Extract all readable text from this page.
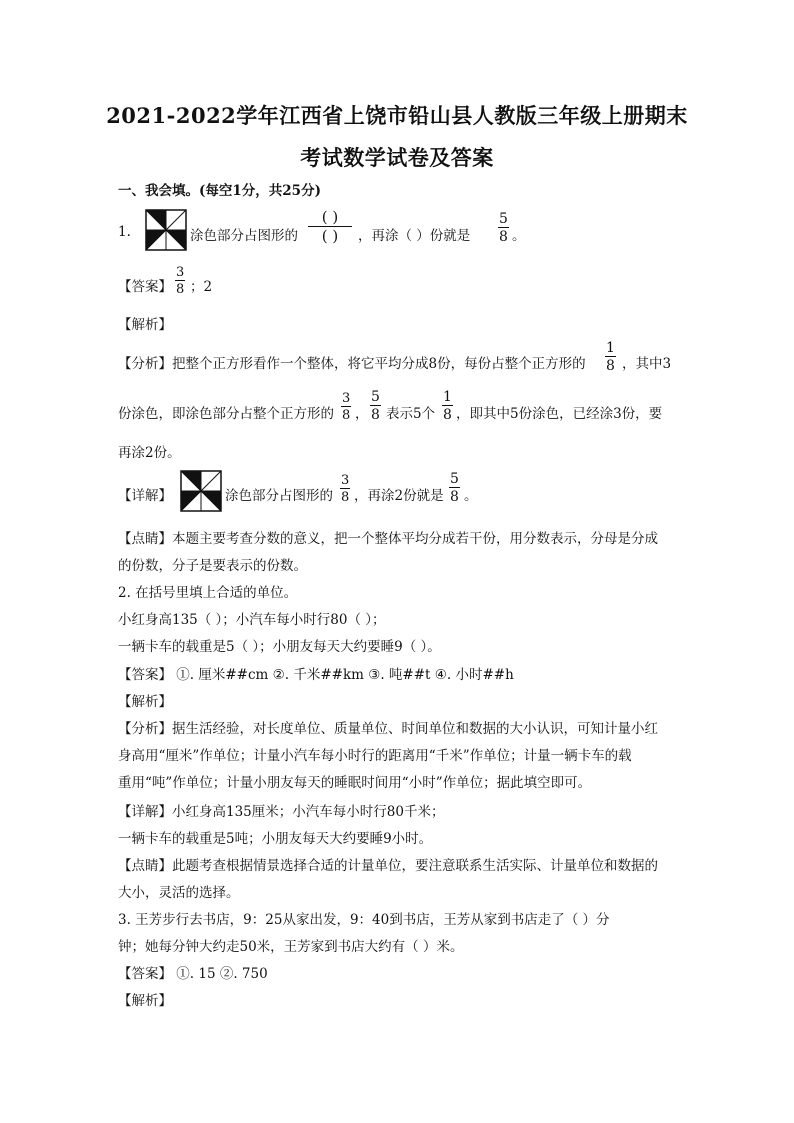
2021-2022学年江西省上饶市铅山县人教版三年级上册期末
考试数学试卷及答案
一、我会填。(每空1分，共25分)
1.	涂色部分占图形的
( )
( )	，再涂（ ）份就是 $\frac{5}{8}$ 。
【答案】 $\frac{3}{8}$ ；2
【解析】
【分析】把整个正方形看作一个整体，将它平均分成8份，每份占整个正方形的 $\frac{1}{8}$ ，其中3
份涂色，即涂色部分占整个正方形的 $\frac{3}{8}$ ， $\frac{5}{8}$ 表示5个 $\frac{1}{8}$ ，即其中5份涂色，已经涂3份，要
再涂2份。
【详解】	涂色部分占图形的 $\frac{3}{8}$ ，再涂2份就是 $\frac{5}{8}$ 。
【点睛】本题主要考查分数的意义，把一个整体平均分成若干份，用分数表示，分母是分成
的份数，分子是要表示的份数。
2. 在括号里填上合适的单位。
小红身高135（ ）；小汽车每小时行80（ ）；
一辆卡车的载重是5（ ）；小朋友每天大约要睡9（ ）。
【答案】 ①. 厘米##cm ②. 千米##km ③. 吨##t ④. 小时##h
【解析】
【分析】据生活经验，对长度单位、质量单位、时间单位和数据的大小认识，可知计量小红
身高用“厘米”作单位；计量小汽车每小时行的距离用“千米”作单位；计量一辆卡车的载
重用“吨”作单位；计量小朋友每天的睡眠时间用“小时”作单位；据此填空即可。
【详解】小红身高135厘米；小汽车每小时行80千米；
一辆卡车的载重是5吨；小朋友每天大约要睡9小时。
【点睛】此题考查根据情景选择合适的计量单位，要注意联系生活实际、计量单位和数据的
大小，灵活的选择。
3. 王芳步行去书店，9：25从家出发，9：40到书店，王芳从家到书店走了（ ）分
钟；她每分钟大约走50米，王芳家到书店大约有（ ）米。
【答案】 ①. 15 ②. 750
【解析】
